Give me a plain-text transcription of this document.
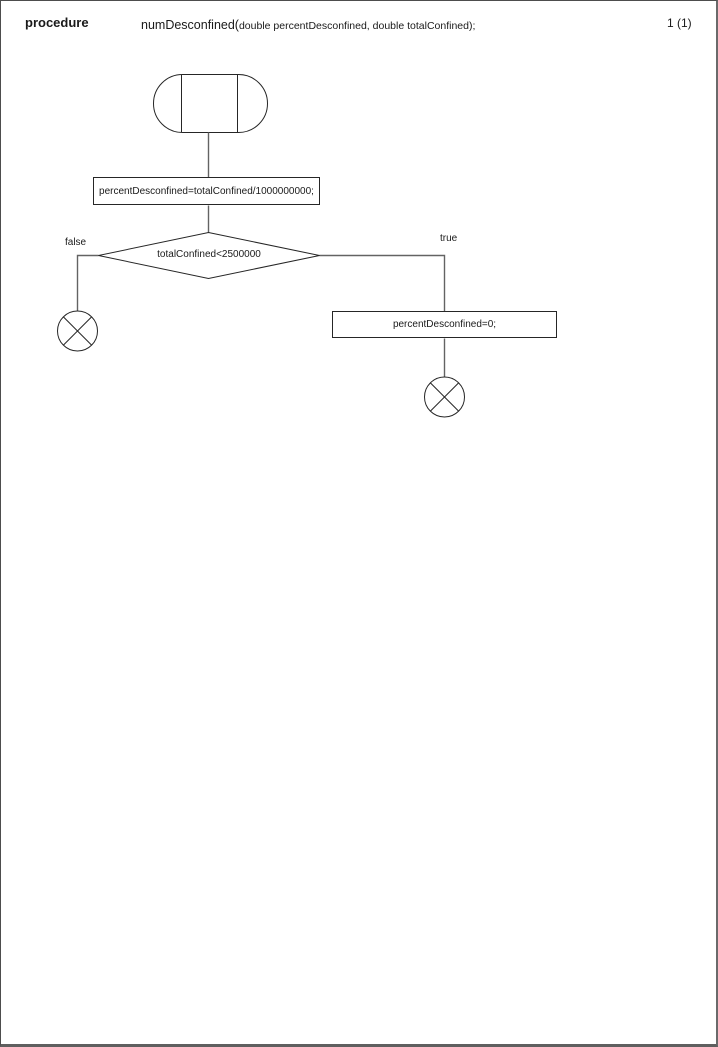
procedure	numDesconfined(double percentDesconfined, double totalConfined);	1 (1)
percentDesconfined=totalConfined/1000000000;
totalConfined<2500000
false	true
percentDesconfined=0;
